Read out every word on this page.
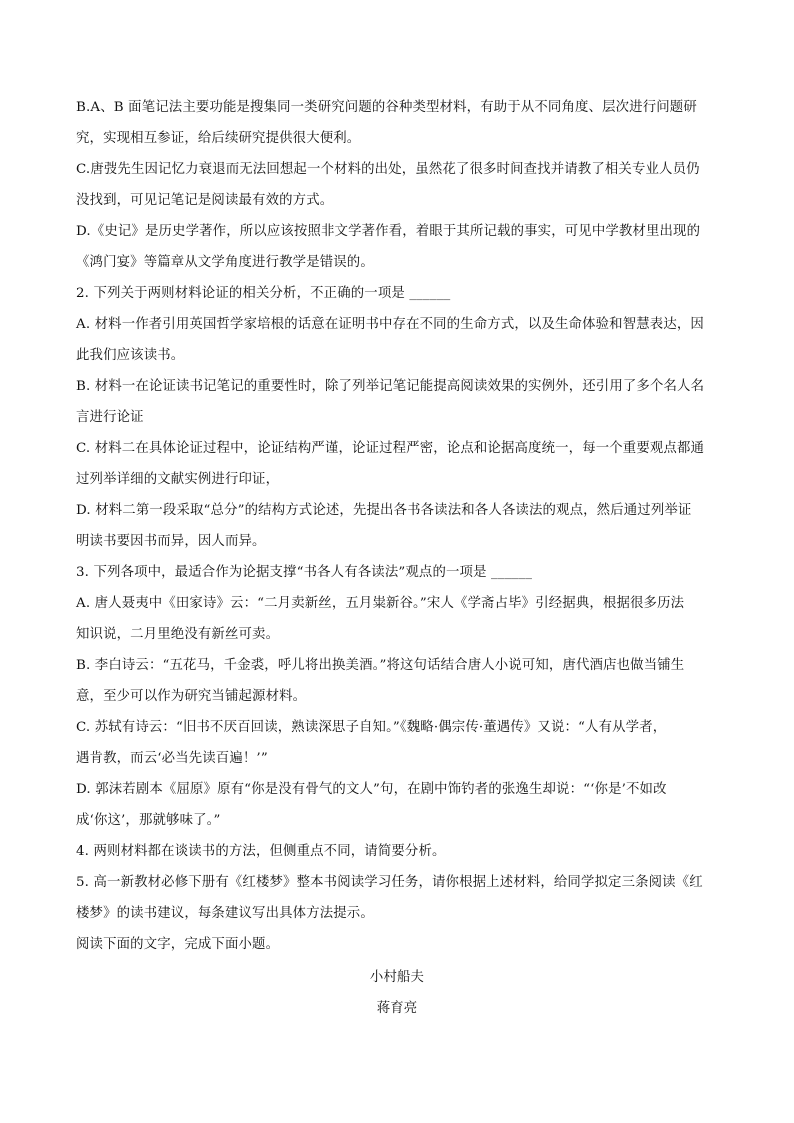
B.A、B 面笔记法主要功能是搜集同一类研究问题的谷种类型材料，有助于从不同角度、层次进行问题研

究，实现相互参证，给后续研究提供很大便利。

C.唐弢先生因记忆力衰退而无法回想起一个材料的出处，虽然花了很多时间查找并请教了相关专业人员仍

没找到，可见记笔记是阅读最有效的方式。

D.《史记》是历史学著作，所以应该按照非文学著作看，着眼于其所记载的事实，可见中学教材里出现的

《鸿门宴》等篇章从文学角度进行教学是错误的。

2. 下列关于两则材料论证的相关分析，不正确的一项是 ______

A. 材料一作者引用英国哲学家培根的话意在证明书中存在不同的生命方式，以及生命体验和智慧表达，因

此我们应该读书。

B. 材料一在论证读书记笔记的重要性时，除了列举记笔记能提高阅读效果的实例外，还引用了多个名人名

言进行论证

C. 材料二在具体论证过程中，论证结构严谨，论证过程严密，论点和论据高度统一，每一个重要观点都通

过列举详细的文献实例进行印证，

D. 材料二第一段采取“总分”的结构方式论述，先提出各书各读法和各人各读法的观点，然后通过列举证

明读书要因书而异，因人而异。

3. 下列各项中，最适合作为论据支撑“书各人有各读法”观点的一项是 ______

A. 唐人聂夷中《田家诗》云：“二月卖新丝，五月粜新谷。”宋人《学斋占毕》引经据典，根据很多历法

知识说，二月里绝没有新丝可卖。

B. 李白诗云：“五花马，千金裘，呼儿将出换美酒。”将这句话结合唐人小说可知，唐代酒店也做当铺生

意，至少可以作为研究当铺起源材料。

C. 苏轼有诗云：“旧书不厌百回读，熟读深思子自知。”《魏略·偶宗传·董遇传》又说：“人有从学者，

遇肯教，而云‘必当先读百遍！’”

D. 郭沫若剧本《屈原》原有“你是没有骨气的文人”句，在剧中饰钓者的张逸生却说：“‘你是’不如改

成‘你这’，那就够味了。”

4. 两则材料都在谈读书的方法，但侧重点不同，请简要分析。

5. 高一新教材必修下册有《红楼梦》整本书阅读学习任务，请你根据上述材料，给同学拟定三条阅读《红

楼梦》的读书建议，每条建议写出具体方法提示。

阅读下面的文字，完成下面小题。

小村船夫

蒋育亮
